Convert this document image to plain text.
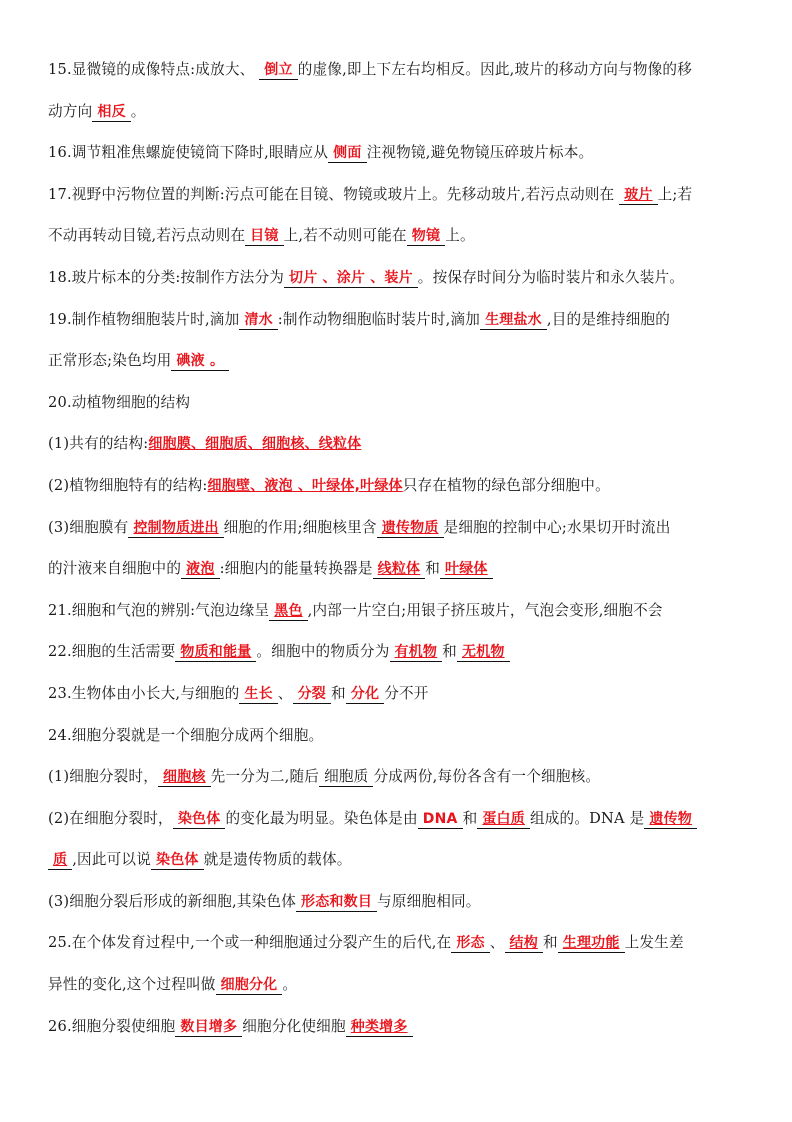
15.显微镜的成像特点:成放大、 倒立 的虚像,即上下左右均相反。因此,玻片的移动方向与物像的移
动方向 相反 。
16.调节粗准焦螺旋使镜筒下降时,眼睛应从 侧面 注视物镜,避免物镜压碎玻片标本。
17.视野中污物位置的判断:污点可能在目镜、物镜或玻片上。先移动玻片,若污点动则在 玻片 上;若
不动再转动目镜,若污点动则在 目镜 上,若不动则可能在 物镜 上。
18.玻片标本的分类:按制作方法分为 切片 、涂片 、装片 。按保存时间分为临时装片和永久装片。
19.制作植物细胞装片时,滴加 清水 :制作动物细胞临时装片时,滴加 生理盐水 ,目的是维持细胞的
正常形态;染色均用 碘液 。
20.动植物细胞的结构
(1)共有的结构:细胞膜、细胞质、细胞核、线粒体
(2)植物细胞特有的结构:细胞壁、液泡 、叶绿体,叶绿体只存在植物的绿色部分细胞中。
(3)细胞膜有 控制物质进出 细胞的作用;细胞核里含 遗传物质 是细胞的控制中心;水果切开时流出
的汁液来自细胞中的 液泡 :细胞内的能量转换器是 线粒体 和 叶绿体
21.细胞和气泡的辨别:气泡边缘呈 黑色 ,内部一片空白;用银子挤压玻片，气泡会变形,细胞不会
22.细胞的生活需要 物质和能量 。细胞中的物质分为 有机物 和 无机物
23.生物体由小长大,与细胞的 生长 、 分裂 和 分化 分不开
24.细胞分裂就是一个细胞分成两个细胞。
(1)细胞分裂时， 细胞核 先一分为二,随后 细胞质 分成两份,每份各含有一个细胞核。
(2)在细胞分裂时， 染色体 的变化最为明显。染色体是由 DNA 和 蛋白质 组成的。DNA 是 遗传物
质 ,因此可以说 染色体 就是遗传物质的载体。
(3)细胞分裂后形成的新细胞,其染色体 形态和数目 与原细胞相同。
25.在个体发育过程中,一个或一种细胞通过分裂产生的后代,在 形态 、 结构 和 生理功能 上发生差
异性的变化,这个过程叫做 细胞分化 。
26.细胞分裂使细胞 数目增多 细胞分化使细胞 种类增多
